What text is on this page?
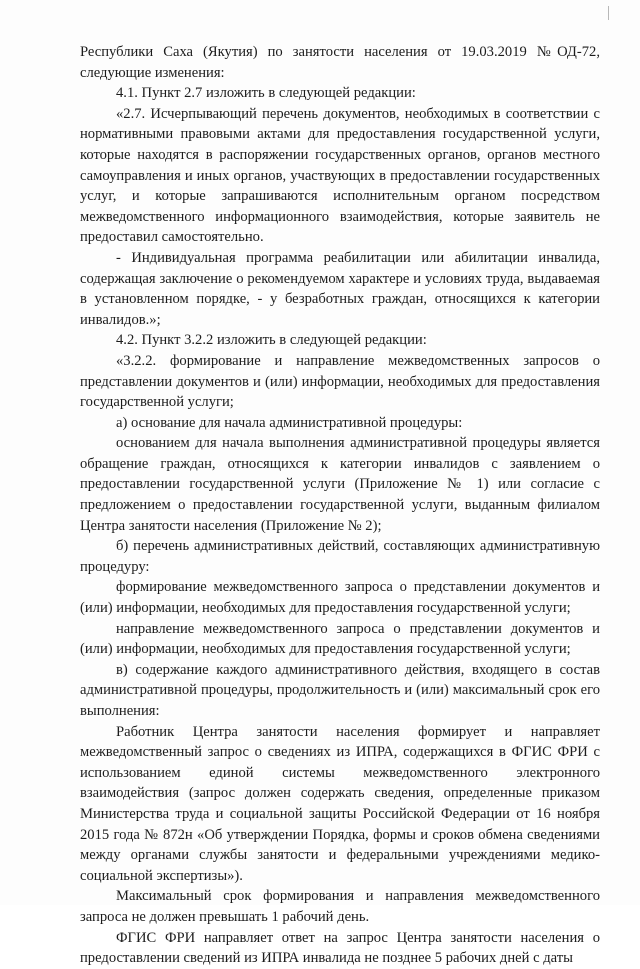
Республики Саха (Якутия) по занятости населения от 19.03.2019 №ОД-72, следующие изменения:

4.1. Пункт 2.7 изложить в следующей редакции:

«2.7. Исчерпывающий перечень документов, необходимых в соответствии с нормативными правовыми актами для предоставления государственной услуги, которые находятся в распоряжении государственных органов, органов местного самоуправления и иных органов, участвующих в предоставлении государственных услуг, и которые запрашиваются исполнительным органом посредством межведомственного информационного взаимодействия, которые заявитель не предоставил самостоятельно.

- Индивидуальная программа реабилитации или абилитации инвалида, содержащая заключение о рекомендуемом характере и условиях труда, выдаваемая в установленном порядке, - у безработных граждан, относящихся к категории инвалидов.»;

4.2. Пункт 3.2.2 изложить в следующей редакции:

«3.2.2. формирование и направление межведомственных запросов о представлении документов и (или) информации, необходимых для предоставления государственной услуги;

а) основание для начала административной процедуры:

основанием для начала выполнения административной процедуры является обращение граждан, относящихся к категории инвалидов с заявлением о предоставлении государственной услуги (Приложение № 1) или согласие с предложением о предоставлении государственной услуги, выданным филиалом Центра занятости населения (Приложение № 2);

б) перечень административных действий, составляющих административную процедуру:

формирование межведомственного запроса о представлении документов и (или) информации, необходимых для предоставления государственной услуги;

направление межведомственного запроса о представлении документов и (или) информации, необходимых для предоставления государственной услуги;

в) содержание каждого административного действия, входящего в состав административной процедуры, продолжительность и (или) максимальный срок его выполнения:

Работник Центра занятости населения формирует и направляет межведомственный запрос о сведениях из ИПРА, содержащихся в ФГИС ФРИ с использованием единой системы межведомственного электронного взаимодействия (запрос должен содержать сведения, определенные приказом Министерства труда и социальной защиты Российской Федерации от 16 ноября 2015 года № 872н «Об утверждении Порядка, формы и сроков обмена сведениями между органами службы занятости и федеральными учреждениями медико-социальной экспертизы»).

Максимальный срок формирования и направления межведомственного запроса не должен превышать 1 рабочий день.

ФГИС ФРИ направляет ответ на запрос Центра занятости населения о предоставлении сведений из ИПРА инвалида не позднее 5 рабочих дней с даты
